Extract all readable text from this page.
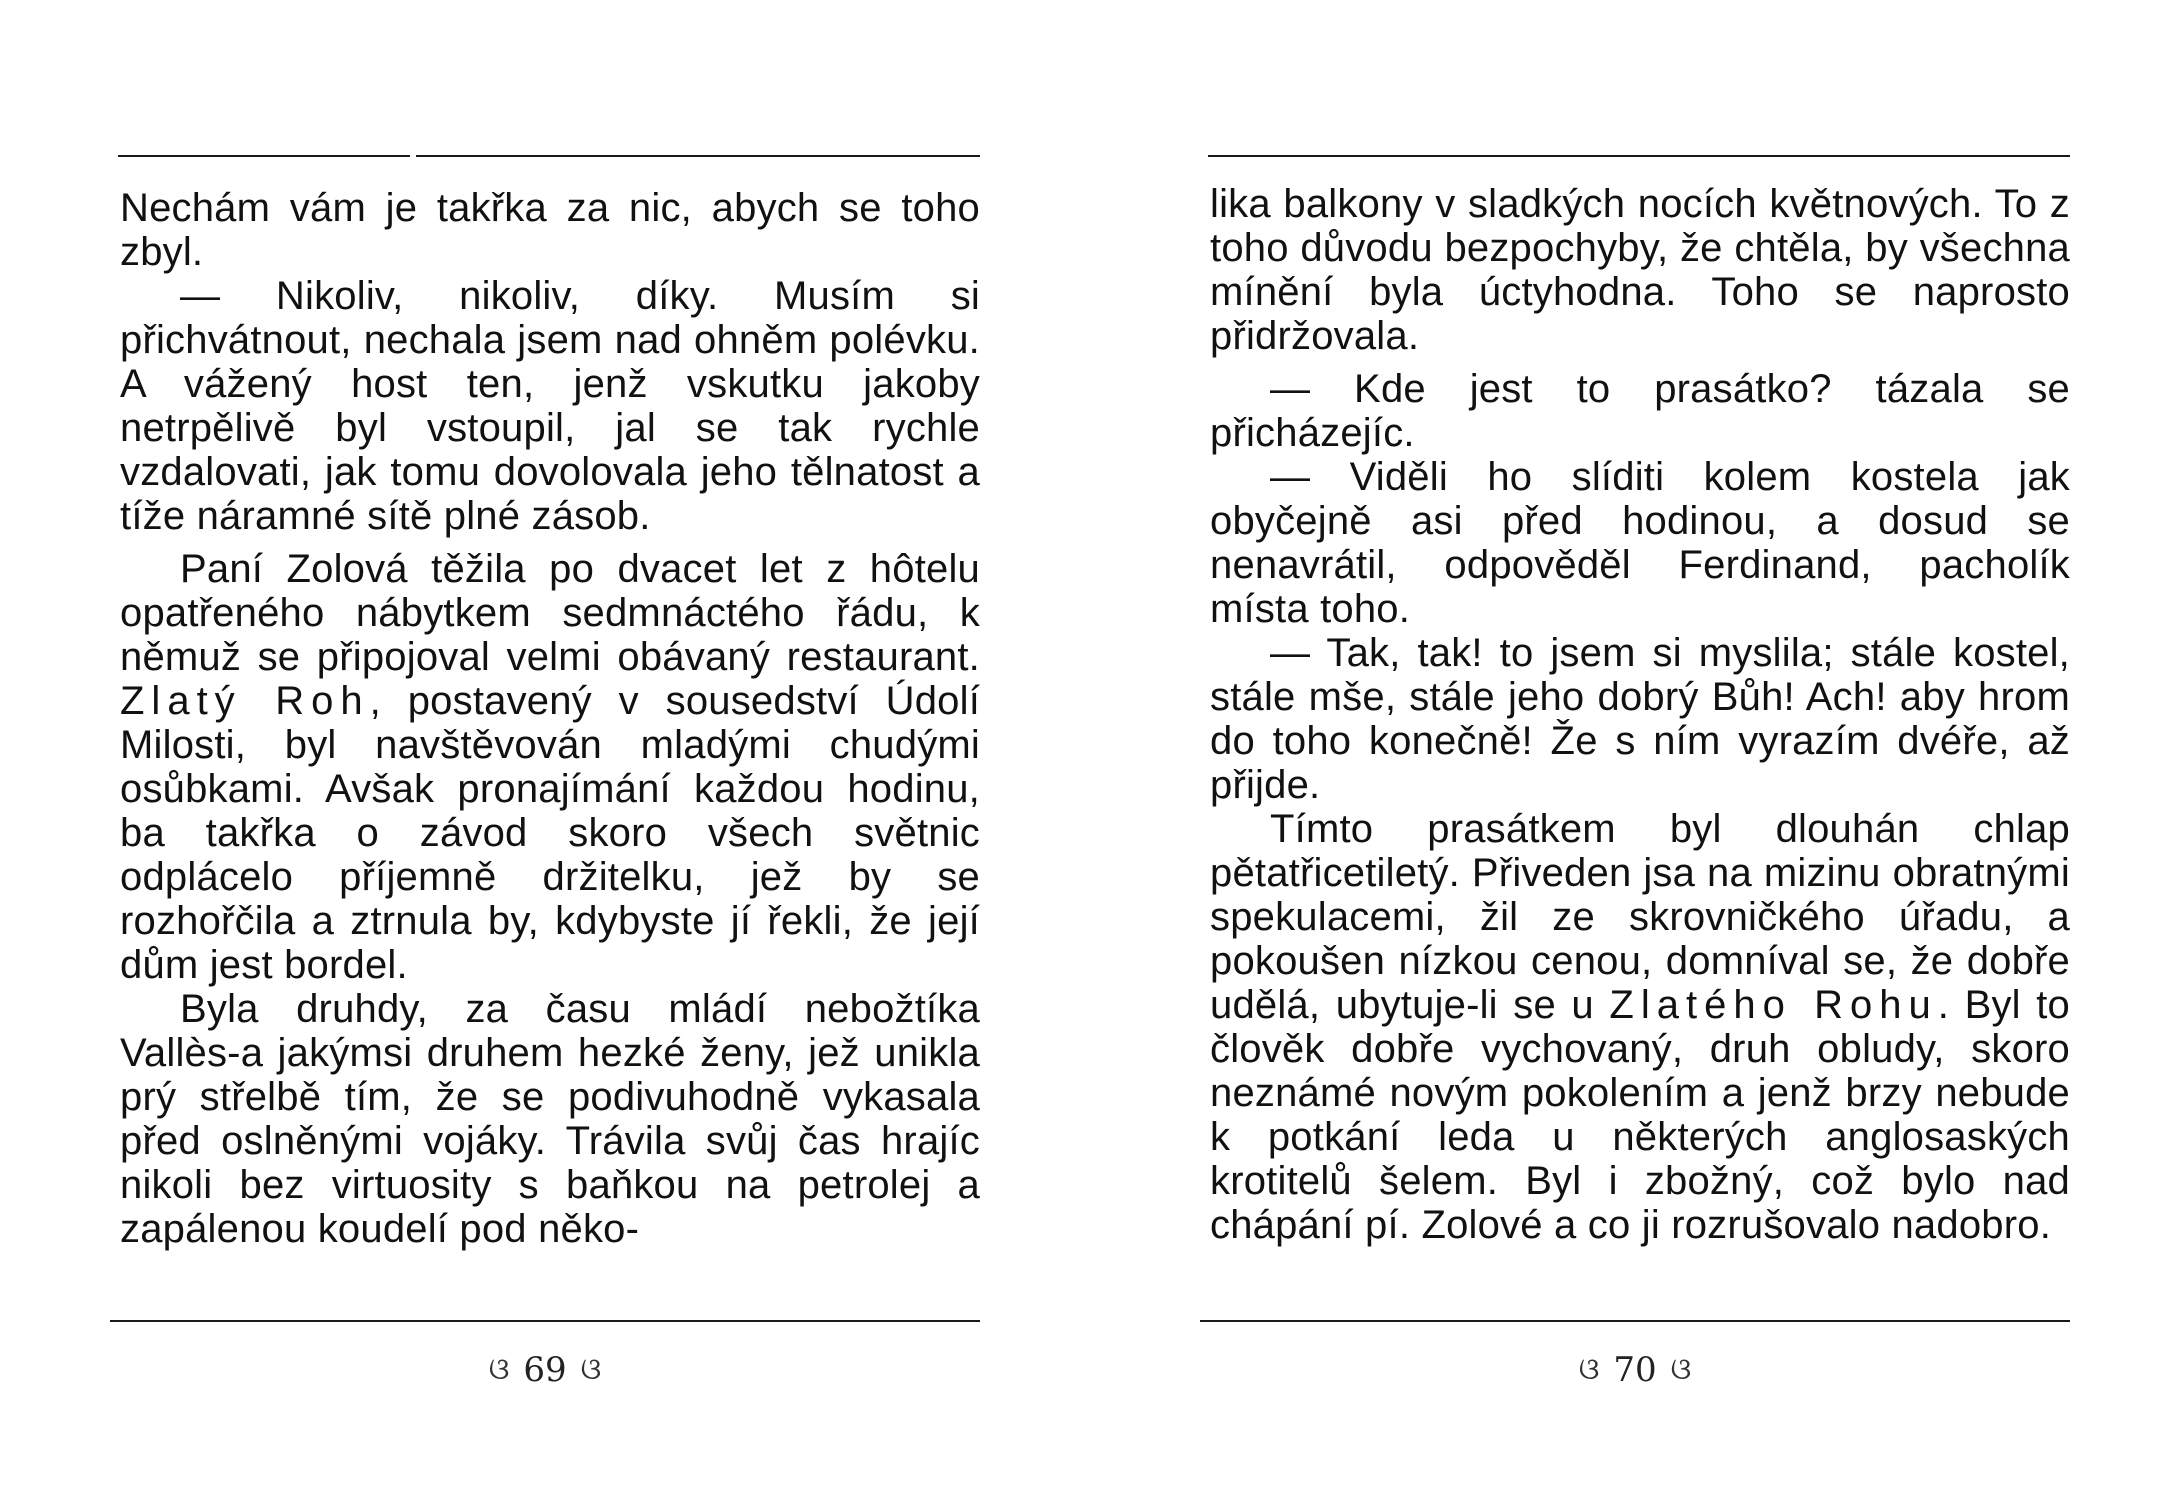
Nechám vám je takřka za nic, abych se toho zbyl.

— Nikoliv, nikoliv, díky. Musím si přichvátnout, nechala jsem nad ohněm polévku. A vážený host ten, jenž vskutku jakoby netrpělivě byl vstoupil, jal se tak rychle vzdalovati, jak tomu dovolovala jeho tělnatost a tíže náramné sítě plné zásob.

Paní Zolová těžila po dvacet let z hôtelu opatřeného nábytkem sedmnáctého řádu, k němuž se připojoval velmi obávaný restaurant. Zlatý Roh, postavený v sousedství Údolí Milosti, byl navštěvován mladými chudými osůbkami. Avšak pronajímání každou hodinu, ba takřka o závod skoro všech světnic odplácelo příjemně držitelku, jež by se rozhořčila a ztrnula by, kdybyste jí řekli, že její dům jest bordel.

Byla druhdy, za času mládí nebožtíka Vallès-a jakýmsi druhem hezké ženy, jež unikla prý střelbě tím, že se podivuhodně vykasala před oslněnými vojáky. Trávila svůj čas hrajíc nikoli bez virtuosity s baňkou na petrolej a zapálenou koudelí pod něko-

ଓ 69 ଓ

lika balkony v sladkých nocích květnových. To z toho důvodu bezpochyby, že chtěla, by všechna mínění byla úctyhodna. Toho se naprosto přidržovala.

— Kde jest to prasátko? tázala se přicházejíc.

— Viděli ho slíditi kolem kostela jak obyčejně asi před hodinou, a dosud se nenavrátil, odpověděl Ferdinand, pacholík místa toho.

— Tak, tak! to jsem si myslila; stále kostel, stále mše, stále jeho dobrý Bůh! Ach! aby hrom do toho konečně! Že s ním vyrazím dvéře, až přijde.

Tímto prasátkem byl dlouhán chlap pětatřicetiletý. Přiveden jsa na mizinu obratnými spekulacemi, žil ze skrovničkého úřadu, a pokoušen nízkou cenou, domníval se, že dobře udělá, ubytuje-li se u Zlatého Rohu. Byl to člověk dobře vychovaný, druh obludy, skoro neznámé novým pokolením a jenž brzy nebude k potkání leda u některých anglosaských krotitelů šelem. Byl i zbožný, což bylo nad chápání pí. Zolové a co ji rozrušovalo nadobro.

ଓ 70 ଓ
